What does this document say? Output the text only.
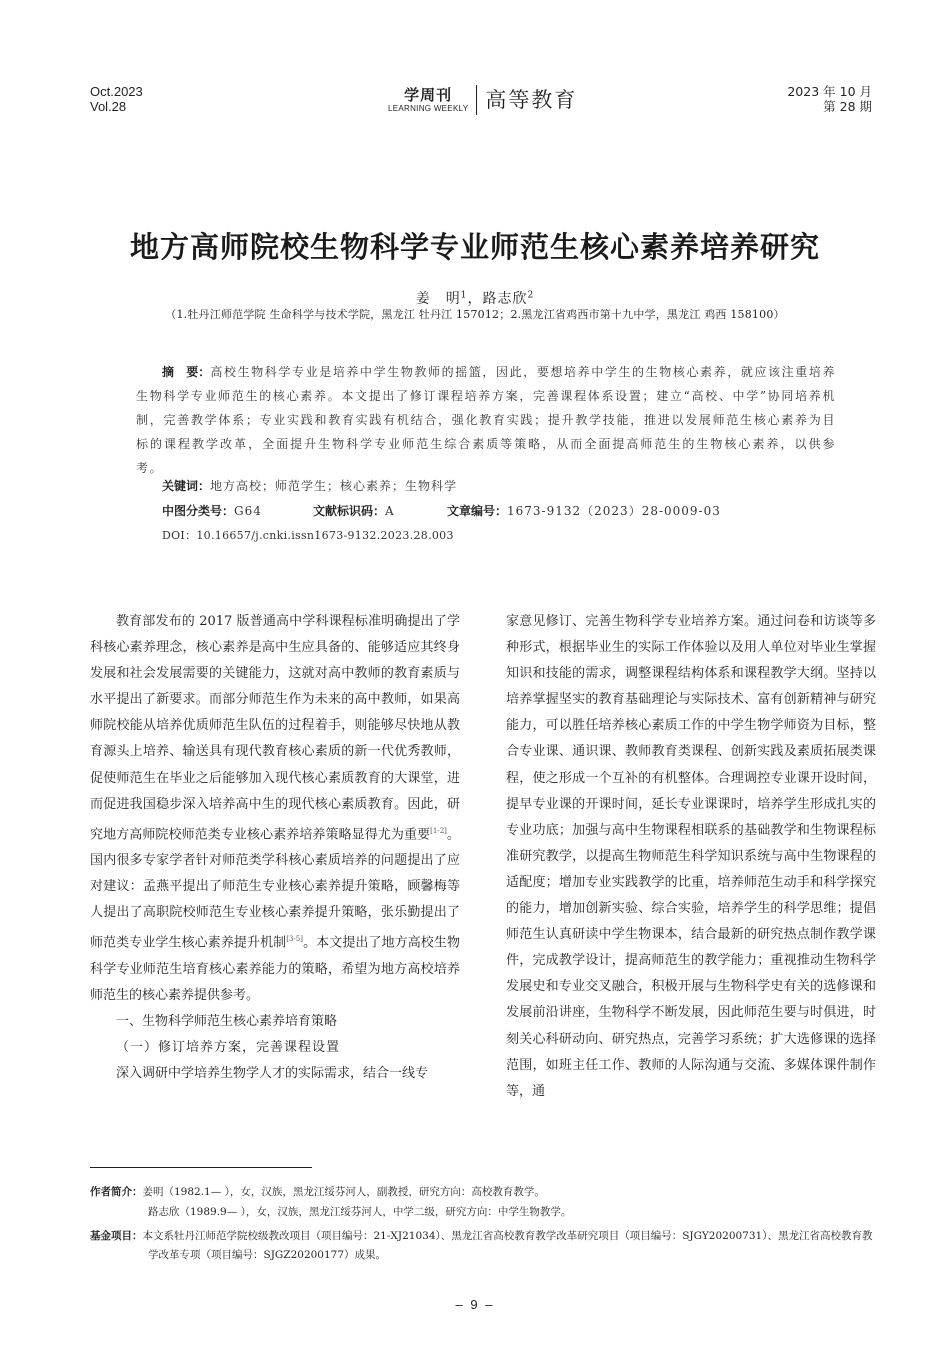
Oct.2023
Vol.28
学周刊
LEARNING WEEKLY 高等教育	2023 年 10 月
第 28 期
地方高师院校生物科学专业师范生核心素养培养研究
姜　明$^1$，路志欣$^2$
（1.牡丹江师范学院 生命科学与技术学院，黑龙江 牡丹江 157012；2.黑龙江省鸡西市第十九中学，黑龙江 鸡西 158100）
摘　要：高校生物科学专业是培养中学生物教师的摇篮，因此，要想培养中学生的生物核心素养，就应该注重培养生物科学专业师范生的核心素养。本文提出了修订课程培养方案，完善课程体系设置；建立“高校、中学”协同培养机制，完善教学体系；专业实践和教育实践有机结合，强化教育实践；提升教学技能，推进以发展师范生核心素养为目标的课程教学改革，全面提升生物科学专业师范生综合素质等策略，从而全面提高师范生的生物核心素养，以供参考。
关键词：地方高校；师范学生；核心素养；生物科学
中图分类号：G64	文献标识码：A	文章编号：1673-9132（2023）28-0009-03
DOI：10.16657/j.cnki.issn1673-9132.2023.28.003

教育部发布的 2017 版普通高中学科课程标准明确提出了学科核心素养理念，核心素养是高中生应具备的、能够适应其终身发展和社会发展需要的关键能力，这就对高中教师的教育素质与水平提出了新要求。而部分师范生作为未来的高中教师，如果高师院校能从培养优质师范生队伍的过程着手，则能够尽快地从教育源头上培养、输送具有现代教育核心素质的新一代优秀教师，促使师范生在毕业之后能够加入现代核心素质教育的大课堂，进而促进我国稳步深入培养高中生的现代核心素质教育。因此，研究地方高师院校师范类专业核心素养培养策略显得尤为重要[1-2]。国内很多专家学者针对师范类学科核心素质培养的问题提出了应对建议：孟燕平提出了师范生专业核心素养提升策略，顾馨梅等人提出了高职院校师范生专业核心素养提升策略，张乐勤提出了师范类专业学生核心素养提升机制[3-5]。本文提出了地方高校生物科学专业师范生培育核心素养能力的策略，希望为地方高校培养师范生的核心素养提供参考。

一、生物科学师范生核心素养培育策略
（一）修订培养方案，完善课程设置

深入调研中学培养生物学人才的实际需求，结合一线专

家意见修订、完善生物科学专业培养方案。通过问卷和访谈等多种形式，根据毕业生的实际工作体验以及用人单位对毕业生掌握知识和技能的需求，调整课程结构体系和课程教学大纲。坚持以培养掌握坚实的教育基础理论与实际技术、富有创新精神与研究能力，可以胜任培养核心素质工作的中学生物学师资为目标，整合专业课、通识课、教师教育类课程、创新实践及素质拓展类课程，使之形成一个互补的有机整体。合理调控专业课开设时间，提早专业课的开课时间，延长专业课课时，培养学生形成扎实的专业功底；加强与高中生物课程相联系的基础教学和生物课程标准研究教学，以提高生物师范生科学知识系统与高中生物课程的适配度；增加专业实践教学的比重，培养师范生动手和科学探究的能力，增加创新实验、综合实验，培养学生的科学思维；提倡师范生认真研读中学生物课本，结合最新的研究热点制作教学课件，完成教学设计，提高师范生的教学能力；重视推动生物科学发展史和专业交叉融合，积极开展与生物科学史有关的选修课和发展前沿讲座，生物科学不断发展，因此师范生要与时俱进，时刻关心科研动向、研究热点，完善学习系统；扩大选修课的选择范围，如班主任工作、教师的人际沟通与交流、多媒体课件制作等，通

作者简介：姜明（1982.1— ），女，汉族，黑龙江绥芬河人，副教授，研究方向：高校教育教学。
路志欣（1989.9— ），女，汉族，黑龙江绥芬河人，中学二级，研究方向：中学生物教学。
基金项目：本文系牡丹江师范学院校级教改项目（项目编号：21-XJ21034）、黑龙江省高校教育教学改革研究项目（项目编号：SJGY20200731）、黑龙江省高校教育教学改革专项（项目编号：SJGZ20200177）成果。
– 9 –
